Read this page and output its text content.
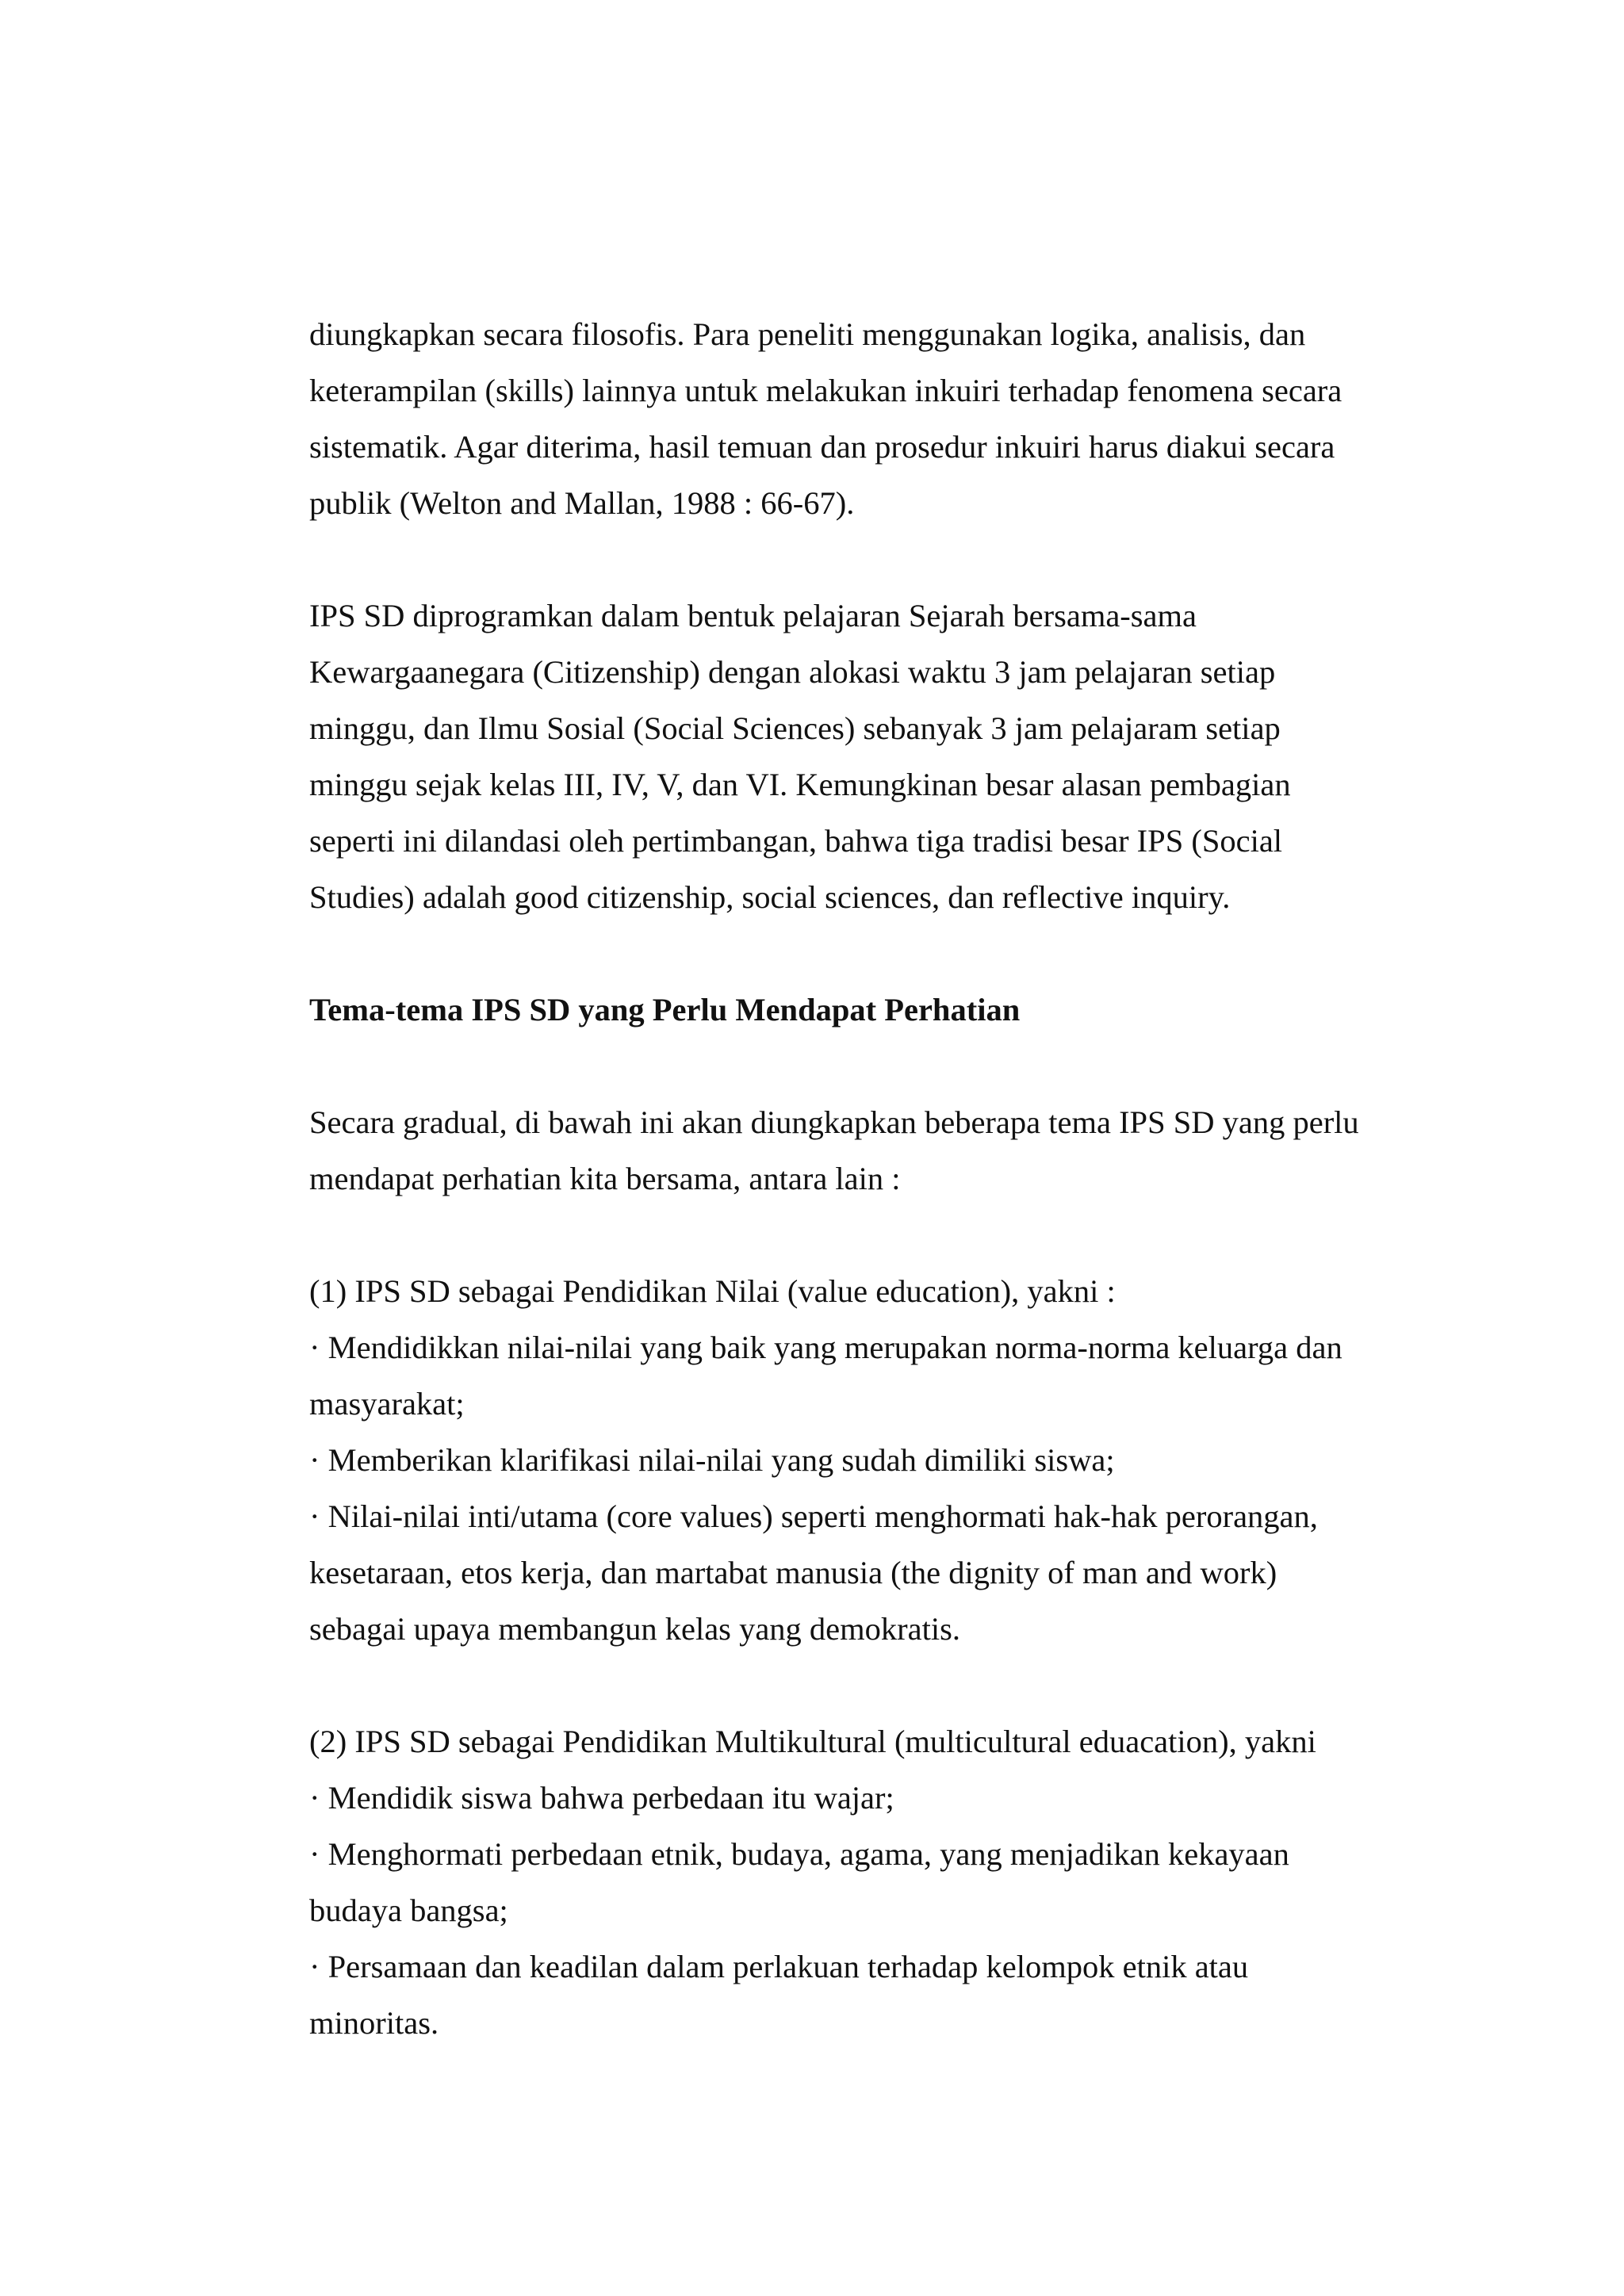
diungkapkan secara filosofis. Para peneliti menggunakan logika, analisis, dan
keterampilan (skills) lainnya untuk melakukan inkuiri terhadap fenomena secara
sistematik. Agar diterima, hasil temuan dan prosedur inkuiri harus diakui secara
publik (Welton and Mallan, 1988 : 66-67).
IPS SD diprogramkan dalam bentuk pelajaran Sejarah bersama-sama
Kewargaanegara (Citizenship) dengan alokasi waktu 3 jam pelajaran setiap
minggu, dan Ilmu Sosial (Social Sciences) sebanyak 3 jam pelajaram setiap
minggu sejak kelas III, IV, V, dan VI. Kemungkinan besar alasan pembagian
seperti ini dilandasi oleh pertimbangan, bahwa tiga tradisi besar IPS (Social
Studies) adalah good citizenship, social sciences, dan reflective inquiry.
Tema-tema IPS SD yang Perlu Mendapat Perhatian
Secara gradual, di bawah ini akan diungkapkan beberapa tema IPS SD yang perlu
mendapat perhatian kita bersama, antara lain :
(1) IPS SD sebagai Pendidikan Nilai (value education), yakni :
· Mendidikkan nilai-nilai yang baik yang merupakan norma-norma keluarga dan
masyarakat;
· Memberikan klarifikasi nilai-nilai yang sudah dimiliki siswa;
· Nilai-nilai inti/utama (core values) seperti menghormati hak-hak perorangan,
kesetaraan, etos kerja, dan martabat manusia (the dignity of man and work)
sebagai upaya membangun kelas yang demokratis.
(2) IPS SD sebagai Pendidikan Multikultural (multicultural eduacation), yakni
· Mendidik siswa bahwa perbedaan itu wajar;
· Menghormati perbedaan etnik, budaya, agama, yang menjadikan kekayaan
budaya bangsa;
· Persamaan dan keadilan dalam perlakuan terhadap kelompok etnik atau
minoritas.
